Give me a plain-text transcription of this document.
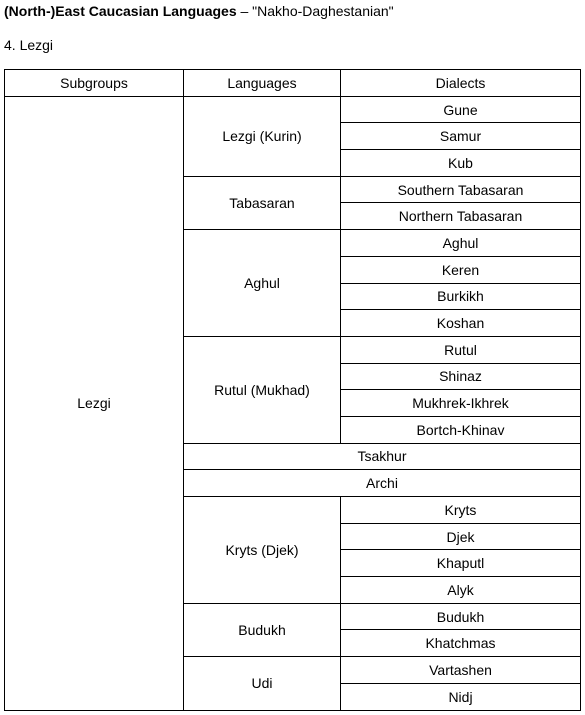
(North-)East Caucasian Languages – "Nakho-Daghestanian"
4. Lezgi
Subgroups	Languages	Dialects
Lezgi	Lezgi (Kurin)	Gune
		Samur
		Kub
	Tabasaran	Southern Tabasaran
		Northern Tabasaran
	Aghul	Aghul
		Keren
		Burkikh
		Koshan
	Rutul (Mukhad)	Rutul
		Shinaz
		Mukhrek-Ikhrek
		Bortch-Khinav
	Tsakhur	
	Archi	
	Kryts (Djek)	Kryts
		Djek
		Khaputl
		Alyk
	Budukh	Budukh
		Khatchmas
	Udi	Vartashen
		Nidj
